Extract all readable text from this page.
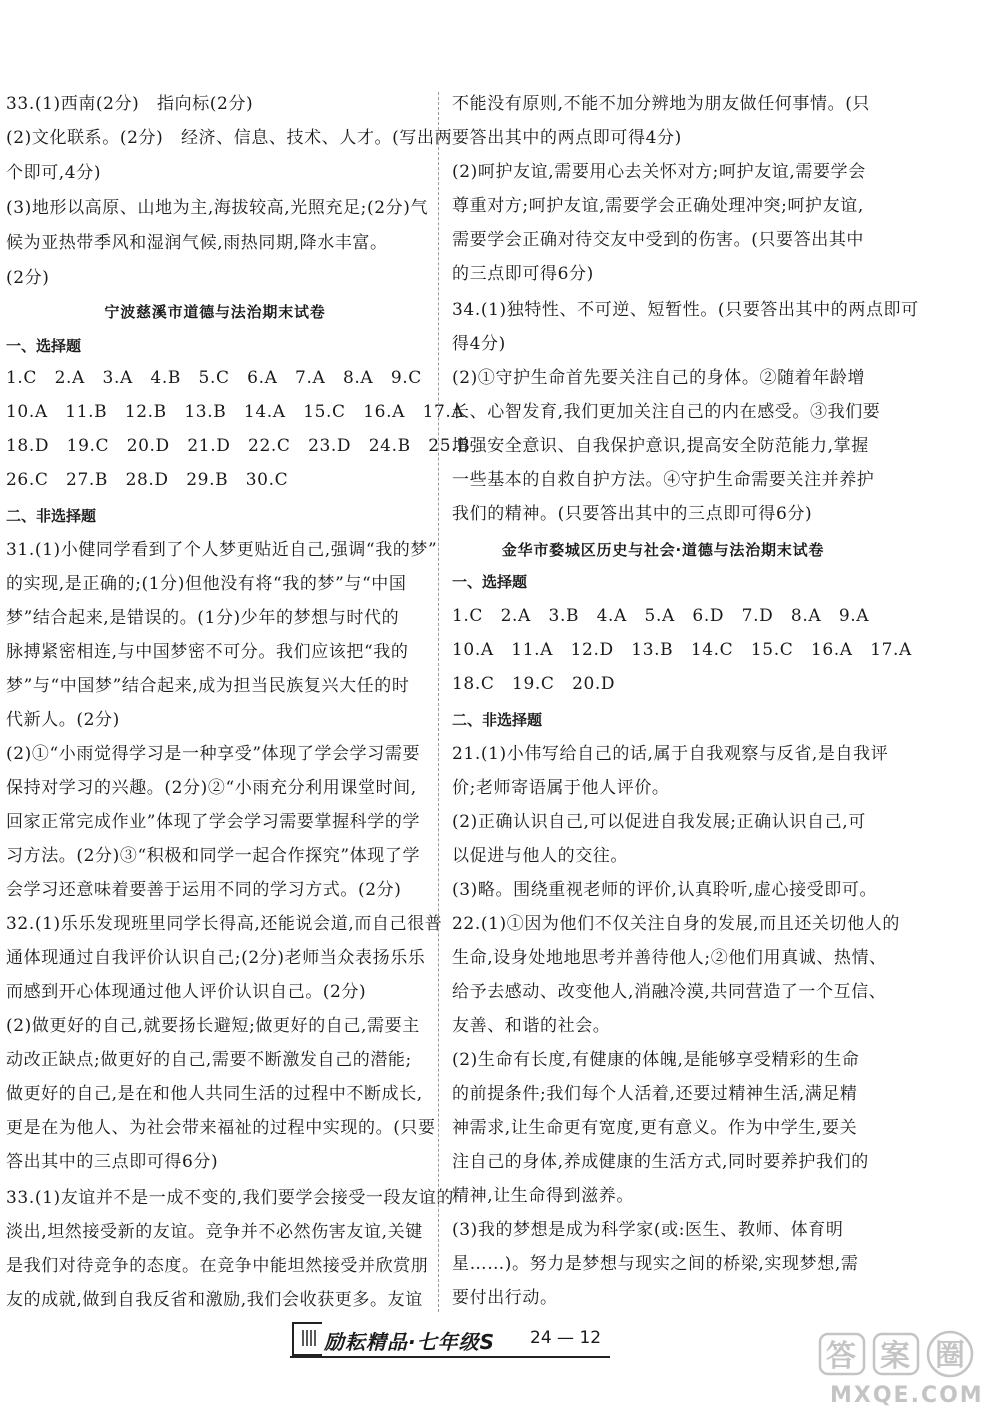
33.(1)西南(2分)　指向标(2分)
(2)文化联系。(2分)　经济、信息、技术、人才。(写出两
个即可,4分)
(3)地形以高原、山地为主,海拔较高,光照充足;(2分)气
候为亚热带季风和湿润气候,雨热同期,降水丰富。
(2分)
宁波慈溪市道德与法治期末试卷
一、选择题
1.C　2.A　3.A　4.B　5.C　6.A　7.A　8.A　9.C
10.A　11.B　12.B　13.B　14.A　15.C　16.A　17.A
18.D　19.C　20.D　21.D　22.C　23.D　24.B　25.B
26.C　27.B　28.D　29.B　30.C
二、非选择题
31.(1)小健同学看到了个人梦更贴近自己,强调“我的梦”
的实现,是正确的;(1分)但他没有将“我的梦”与“中国
梦”结合起来,是错误的。(1分)少年的梦想与时代的
脉搏紧密相连,与中国梦密不可分。我们应该把“我的
梦”与“中国梦”结合起来,成为担当民族复兴大任的时
代新人。(2分)
(2)①“小雨觉得学习是一种享受”体现了学会学习需要
保持对学习的兴趣。(2分)②“小雨充分利用课堂时间,
回家正常完成作业”体现了学会学习需要掌握科学的学
习方法。(2分)③“积极和同学一起合作探究”体现了学
会学习还意味着要善于运用不同的学习方式。(2分)
32.(1)乐乐发现班里同学长得高,还能说会道,而自己很普
通体现通过自我评价认识自己;(2分)老师当众表扬乐乐
而感到开心体现通过他人评价认识自己。(2分)
(2)做更好的自己,就要扬长避短;做更好的自己,需要主
动改正缺点;做更好的自己,需要不断激发自己的潜能;
做更好的自己,是在和他人共同生活的过程中不断成长,
更是在为他人、为社会带来福祉的过程中实现的。(只要
答出其中的三点即可得6分)
33.(1)友谊并不是一成不变的,我们要学会接受一段友谊的
淡出,坦然接受新的友谊。竞争并不必然伤害友谊,关键
是我们对待竞争的态度。在竞争中能坦然接受并欣赏朋
友的成就,做到自我反省和激励,我们会收获更多。友谊
不能没有原则,不能不加分辨地为朋友做任何事情。(只
要答出其中的两点即可得4分)
(2)呵护友谊,需要用心去关怀对方;呵护友谊,需要学会
尊重对方;呵护友谊,需要学会正确处理冲突;呵护友谊,
需要学会正确对待交友中受到的伤害。(只要答出其中
的三点即可得6分)
34.(1)独特性、不可逆、短暂性。(只要答出其中的两点即可
得4分)
(2)①守护生命首先要关注自己的身体。②随着年龄增
长、心智发育,我们更加关注自己的内在感受。③我们要
增强安全意识、自我保护意识,提高安全防范能力,掌握
一些基本的自救自护方法。④守护生命需要关注并养护
我们的精神。(只要答出其中的三点即可得6分)
金华市婺城区历史与社会·道德与法治期末试卷
一、选择题
1.C　2.A　3.B　4.A　5.A　6.D　7.D　8.A　9.A
10.A　11.A　12.D　13.B　14.C　15.C　16.A　17.A
18.C　19.C　20.D
二、非选择题
21.(1)小伟写给自己的话,属于自我观察与反省,是自我评
价;老师寄语属于他人评价。
(2)正确认识自己,可以促进自我发展;正确认识自己,可
以促进与他人的交往。
(3)略。围绕重视老师的评价,认真聆听,虚心接受即可。
22.(1)①因为他们不仅关注自身的发展,而且还关切他人的
生命,设身处地地思考并善待他人;②他们用真诚、热情、
给予去感动、改变他人,消融冷漠,共同营造了一个互信、
友善、和谐的社会。
(2)生命有长度,有健康的体魄,是能够享受精彩的生命
的前提条件;我们每个人活着,还要过精神生活,满足精
神需求,让生命更有宽度,更有意义。作为中学生,要关
注自己的身体,养成健康的生活方式,同时要养护我们的
精神,让生命得到滋养。
(3)我的梦想是成为科学家(或:医生、教师、体育明
星……)。努力是梦想与现实之间的桥梁,实现梦想,需
要付出行动。
励耘精品·七年级S 24 — 12
答 案 圈
MXQE.COM
